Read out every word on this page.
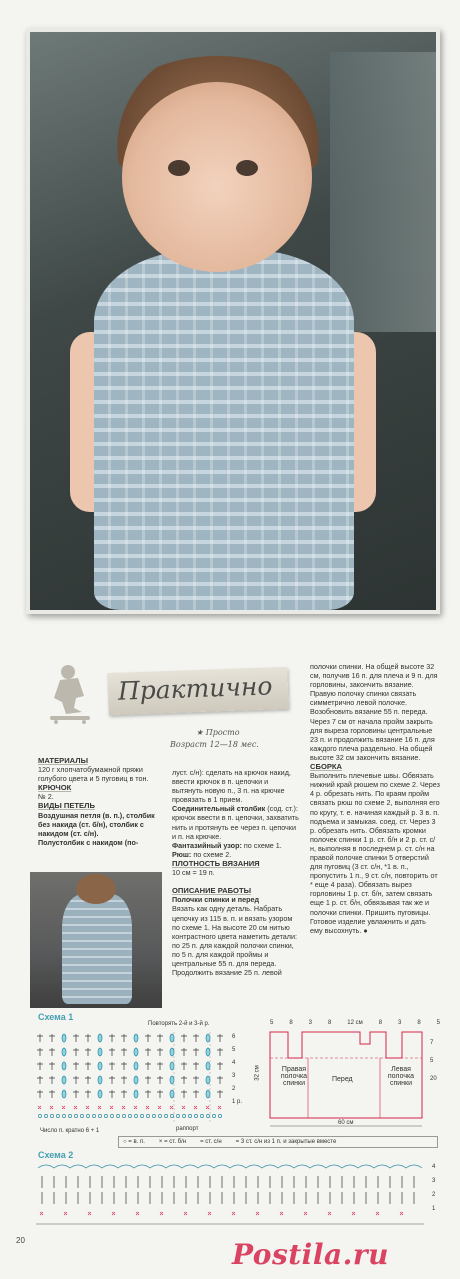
Практично
★ Просто
Возраст 12—18 мес.
МАТЕРИАЛЫ
120 г хлопчатобумажной пряжи голубого цвета и 5 пуговиц в тон.
КРЮЧОК
№ 2.
ВИДЫ ПЕТЕЛЬ
Воздушная петля (в. п.), столбик без накида (ст. б/н), столбик с накидом (ст. с/н).
Полустолбик с накидом (по-
луст. с/н): сделать на крючок накид, ввести крючок в п. цепочки и вытянуть новую п., 3 п. на крючке провязать в 1 прием.
Соединительный столбик (сод. ст.): крючок ввести в п. цепочки, захватить нить и протянуть ее через п. цепочки и п. на крючке.
Фантазийный узор: по схеме 1.
Рюш: по схеме 2.
ПЛОТНОСТЬ ВЯЗАНИЯ
10 см = 19 п.

ОПИСАНИЕ РАБОТЫ
Полочки спинки и перед
Вязать как одну деталь. Набрать цепочку из 115 в. п. и вязать узором по схеме 1. На высоте 20 см нитью контрастного цвета наметить детали: по 25 п. для каждой полочки спинки, по 5 п. для каждой проймы и центральные 55 п. для переда. Продолжить вязание 25 п. левой
полочки спинки. На общей высоте 32 см, получив 16 п. для плеча и 9 п. для горловины, закончить вязание. Правую полочку спинки связать симметрично левой полочке.
Возобновить вязание 55 п. переда. Через 7 см от начала пройм закрыть для выреза горловины центральные 23 п. и продолжить вязание 16 п. для каждого плеча раздельно. На общей высоте 32 см закончить вязание.
СБОРКА
Выполнить плечевые швы. Обвязать нижний край рюшем по схеме 2. Через 4 р. обрезать нить. По краям пройм связать рюш по схеме 2, выполняя его по кругу, т. е. начиная каждый р. 3 в. п. подъема и замыкая. соед. ст. Через 3 р. обрезать нить. Обвязать кромки полочек спинки 1 р. ст. б/н и 2 р. ст. с/н, выполняя в последнем р. ст. с/н на правой полочке спинки 5 отверстий для пуговиц (3 ст. с/н, *1 в. п., пропустить 1 п., 9 ст. с/н, повторить от * еще 4 раза). Обвязать вырез горловины 1 р. ст. б/н, затем связать еще 1 р. ст. б/н, обвязывая так же и полочки спинки. Пришить пуговицы. Готовое изделие увлажнить и дать ему высохнуть. ●
Схема 1
Повторять 2-й и 3-й р.
6
5
4
3
2
1 р.
Число п. кратно 6 + 1	раппорт
5	8	3	8	12 см	8	3	8	5
Правая полочка спинки
Перед
Левая полочка спинки
32 см
60 см
7
5
20
○ = в. п. × = ст. б/н = ст. с/н = 3 ст. с/н из 1 п. и закрытые вместе
Схема 2
4
3
2
1
20	Postila.ru
